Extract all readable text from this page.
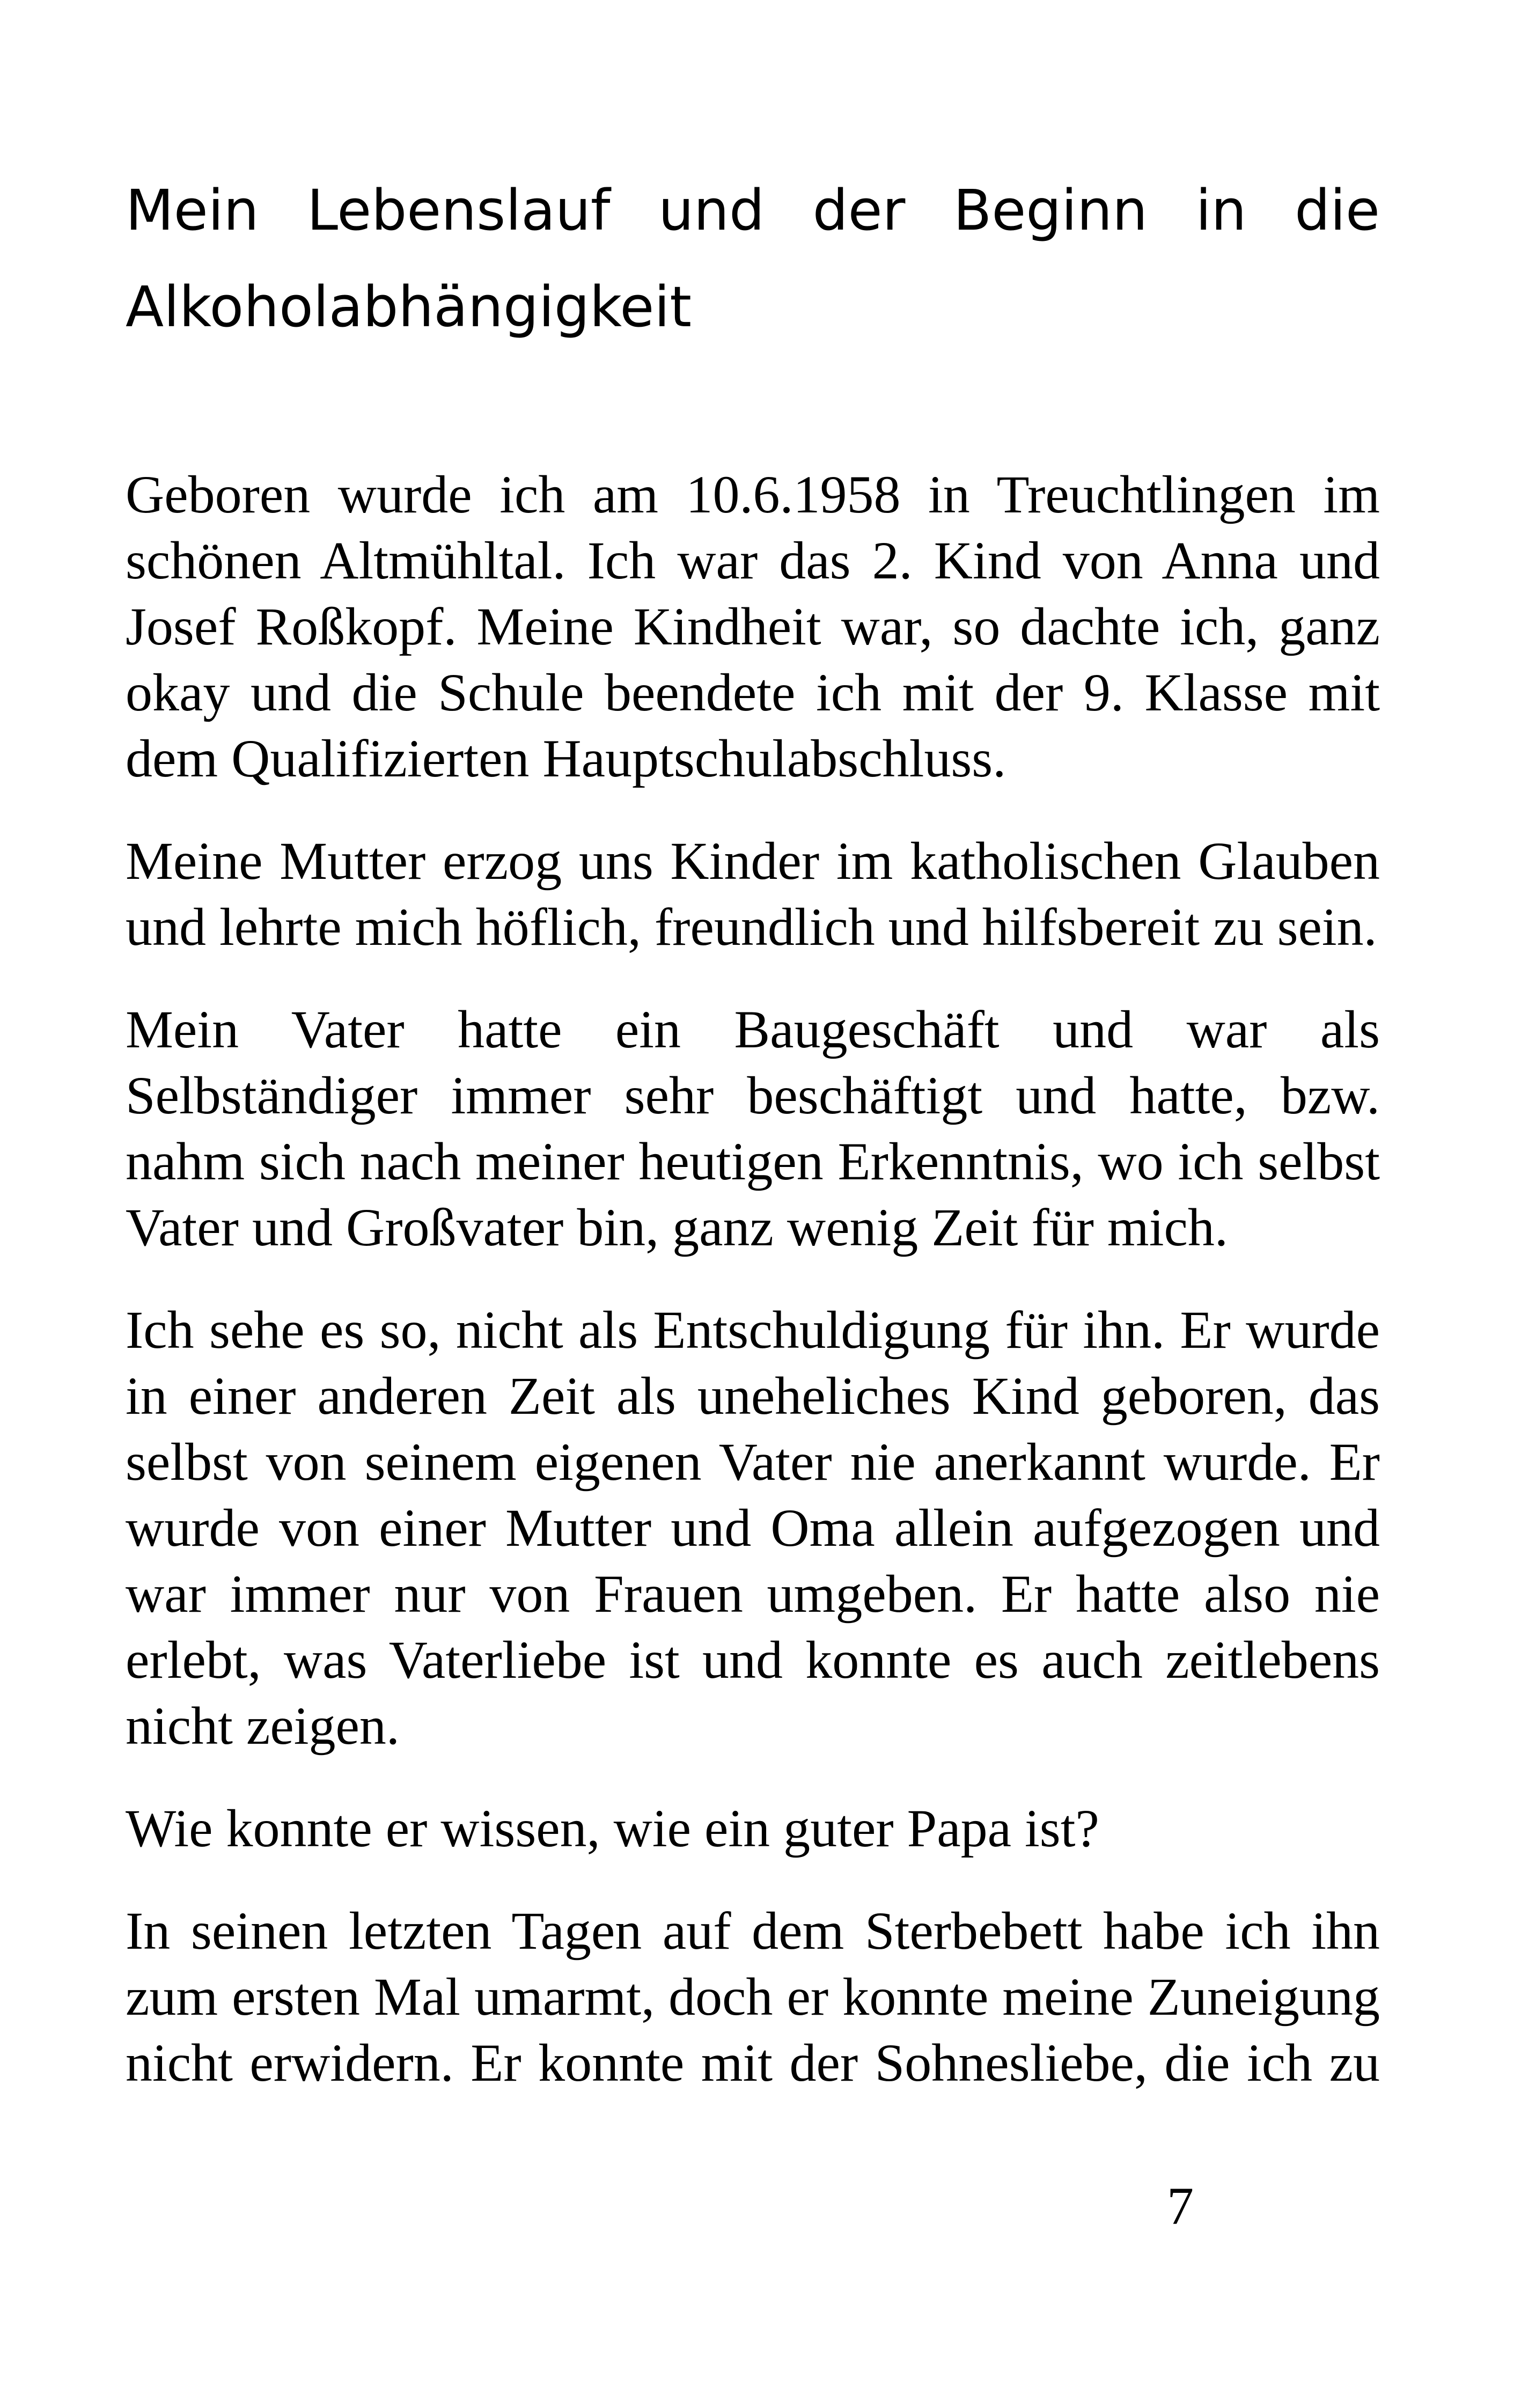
Mein Lebenslauf und der Beginn in die
Alkoholabhängigkeit

Geboren wurde ich am 10.6.1958 in Treuchtlingen im schönen Altmühltal. Ich war das 2. Kind von Anna und Josef Roßkopf. Meine Kindheit war, so dachte ich, ganz okay und die Schule beendete ich mit der 9. Klasse mit dem Qualifizierten Hauptschulabschluss.

Meine Mutter erzog uns Kinder im katholischen Glauben und lehrte mich höflich, freundlich und hilfsbereit zu sein.

Mein Vater hatte ein Baugeschäft und war als Selbständiger immer sehr beschäftigt und hatte, bzw. nahm sich nach meiner heutigen Erkenntnis, wo ich selbst Vater und Großvater bin, ganz wenig Zeit für mich.

Ich sehe es so, nicht als Entschuldigung für ihn. Er wurde in einer anderen Zeit als uneheliches Kind geboren, das selbst von seinem eigenen Vater nie anerkannt wurde. Er wurde von einer Mutter und Oma allein aufgezogen und war immer nur von Frauen umgeben. Er hatte also nie erlebt, was Vaterliebe ist und konnte es auch zeitlebens nicht zeigen.

Wie konnte er wissen, wie ein guter Papa ist?

In seinen letzten Tagen auf dem Sterbebett habe ich ihn zum ersten Mal umarmt, doch er konnte meine Zuneigung nicht erwidern. Er konnte mit der Sohnesliebe, die ich zu

7
